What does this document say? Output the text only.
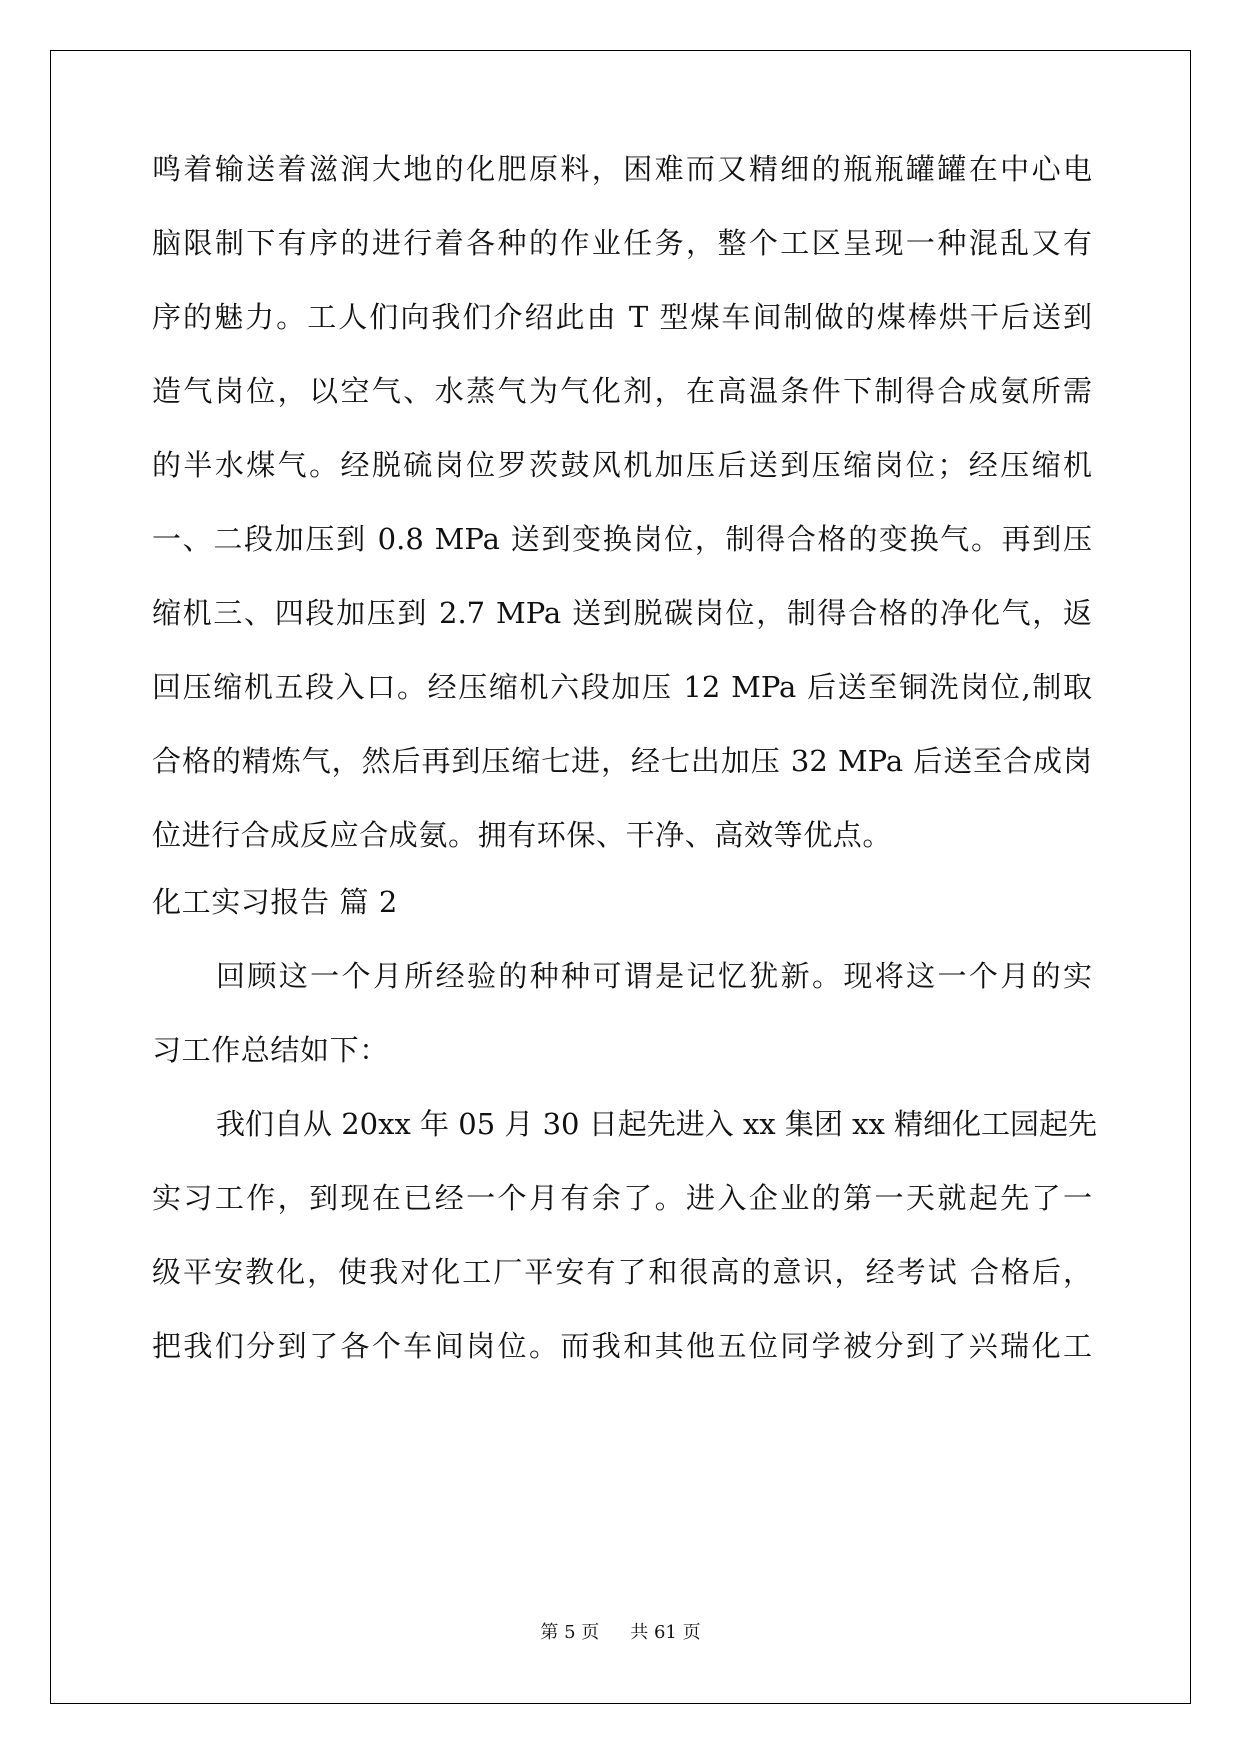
鸣着输送着滋润大地的化肥原料，困难而又精细的瓶瓶罐罐在中心电
脑限制下有序的进行着各种的作业任务，整个工区呈现一种混乱又有
序的魅力。工人们向我们介绍此由 T 型煤车间制做的煤棒烘干后送到
造气岗位，以空气、水蒸气为气化剂，在高温条件下制得合成氨所需
的半水煤气。经脱硫岗位罗茨鼓风机加压后送到压缩岗位；经压缩机
一、二段加压到 0.8 MPa 送到变换岗位，制得合格的变换气。再到压
缩机三、四段加压到 2.7 MPa 送到脱碳岗位，制得合格的净化气，返
回压缩机五段入口。经压缩机六段加压 12 MPa 后送至铜洗岗位,制取
合格的精炼气，然后再到压缩七进，经七出加压 32 MPa 后送至合成岗
位进行合成反应合成氨。拥有环保、干净、高效等优点。
化工实习报告 篇 2
回顾这一个月所经验的种种可谓是记忆犹新。现将这一个月的实
习工作总结如下：
我们自从 20xx 年 05 月 30 日起先进入 xx 集团 xx 精细化工园起先
实习工作，到现在已经一个月有余了。进入企业的第一天就起先了一
级平安教化，使我对化工厂平安有了和很高的意识，经考试 合格后，
把我们分到了各个车间岗位。而我和其他五位同学被分到了兴瑞化工
第 5 页 共 61 页
